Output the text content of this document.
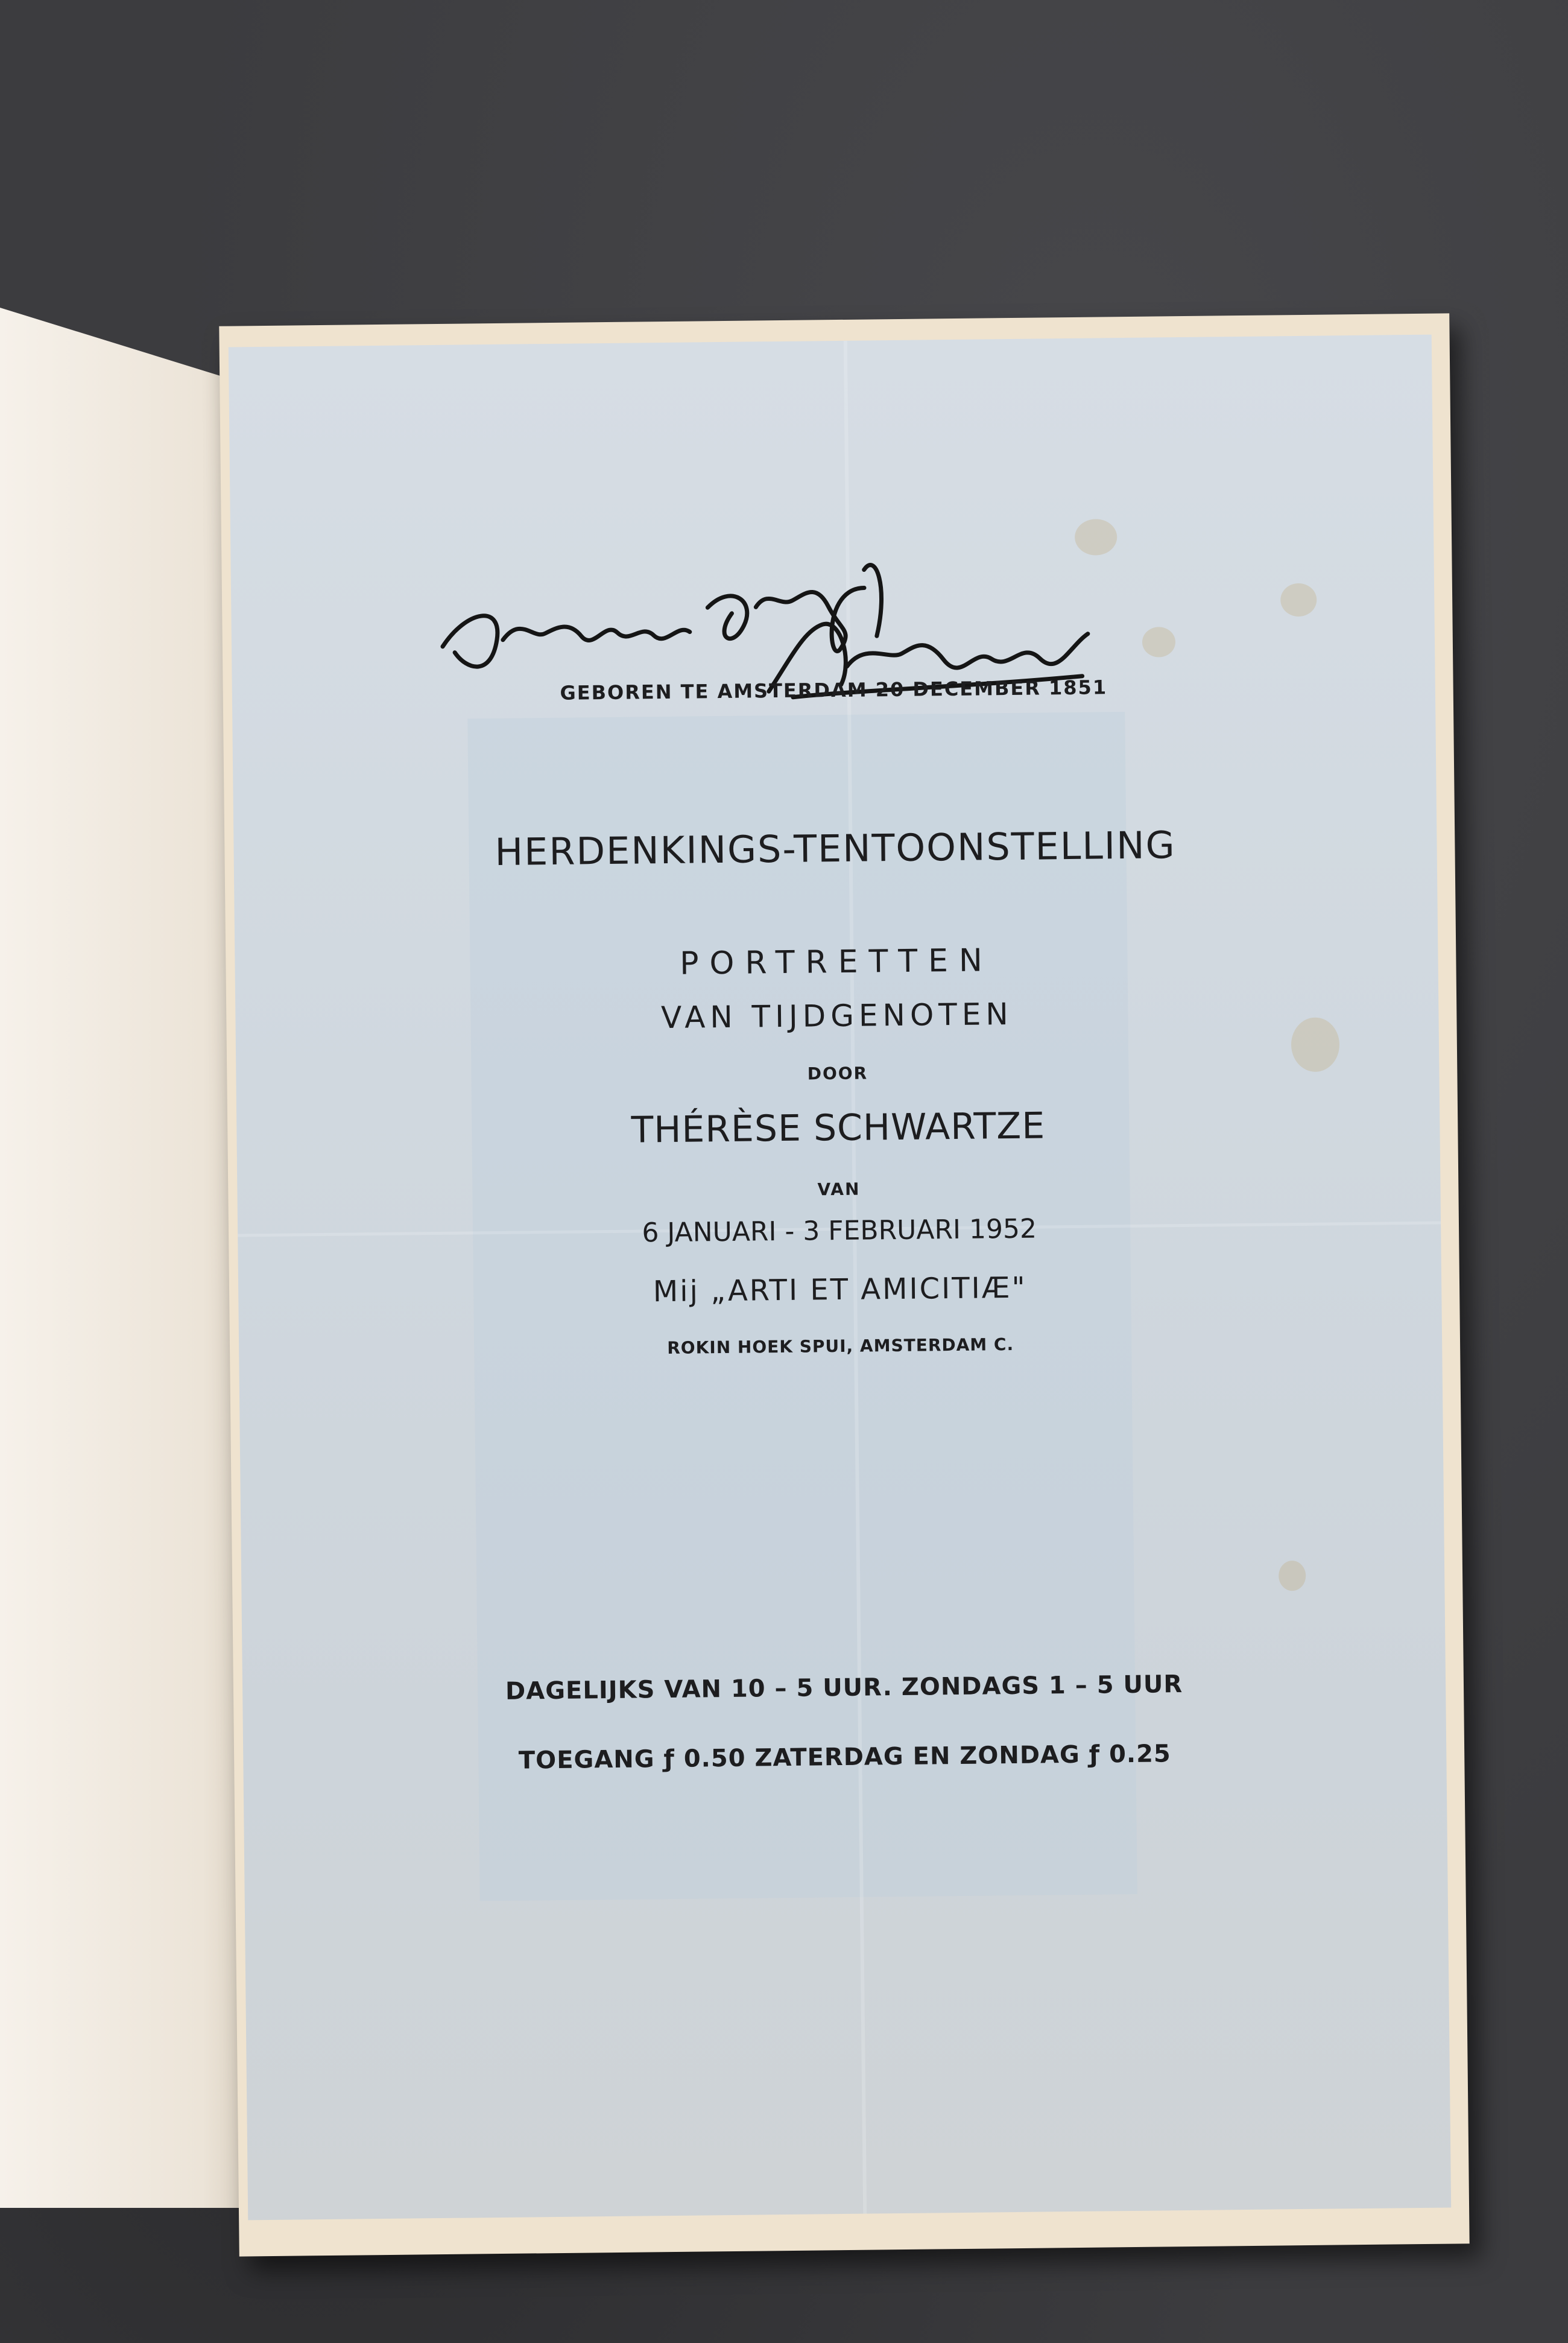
GEBOREN TE AMSTERDAM 20 DECEMBER 1851
HERDENKINGS-TENTOONSTELLING
PORTRETTEN
VAN TIJDGENOTEN
DOOR
THÉRÈSE SCHWARTZE
VAN
6 JANUARI - 3 FEBRUARI 1952
Mij „ARTI ET AMICITIÆ"
ROKIN HOEK SPUI, AMSTERDAM C.
DAGELIJKS VAN 10 – 5 UUR. ZONDAGS 1 – 5 UUR
TOEGANG ƒ 0.50 ZATERDAG EN ZONDAG ƒ 0.25
